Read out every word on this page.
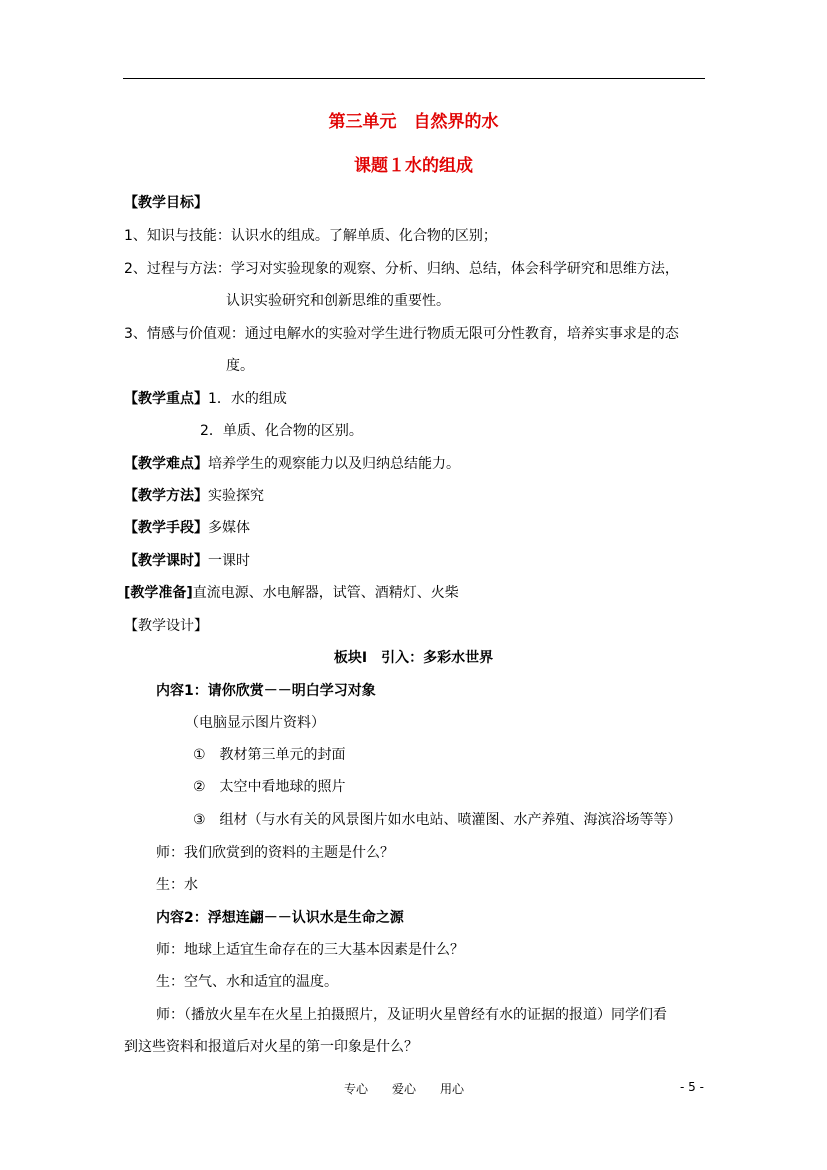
第三单元　自然界的水
课题１水的组成
【教学目标】
1、知识与技能：认识水的组成。了解单质、化合物的区别；
2、过程与方法：学习对实验现象的观察、分析、归纳、总结，体会科学研究和思维方法，
认识实验研究和创新思维的重要性。
3、情感与价值观：通过电解水的实验对学生进行物质无限可分性教育，培养实事求是的态
度。
【教学重点】1．水的组成
2．单质、化合物的区别。
【教学难点】培养学生的观察能力以及归纳总结能力。
【教学方法】实验探究
【教学手段】多媒体
【教学课时】一课时
[教学准备]直流电源、水电解器，试管、酒精灯、火柴
【教学设计】
板块Ⅰ　引入：多彩水世界
内容1：请你欣赏－－明白学习对象
（电脑显示图片资料）
①　教材第三单元的封面
②　太空中看地球的照片
③　组材（与水有关的风景图片如水电站、喷灌图、水产养殖、海滨浴场等等）
师：我们欣赏到的资料的主题是什么？
生：水
内容2：浮想连翩－－认识水是生命之源
师：地球上适宜生命存在的三大基本因素是什么？
生：空气、水和适宜的温度。
师：（播放火星车在火星上拍摄照片，及证明火星曾经有水的证据的报道）同学们看
到这些资料和报道后对火星的第一印象是什么？
专心　　爱心　　用心	- 5 -
